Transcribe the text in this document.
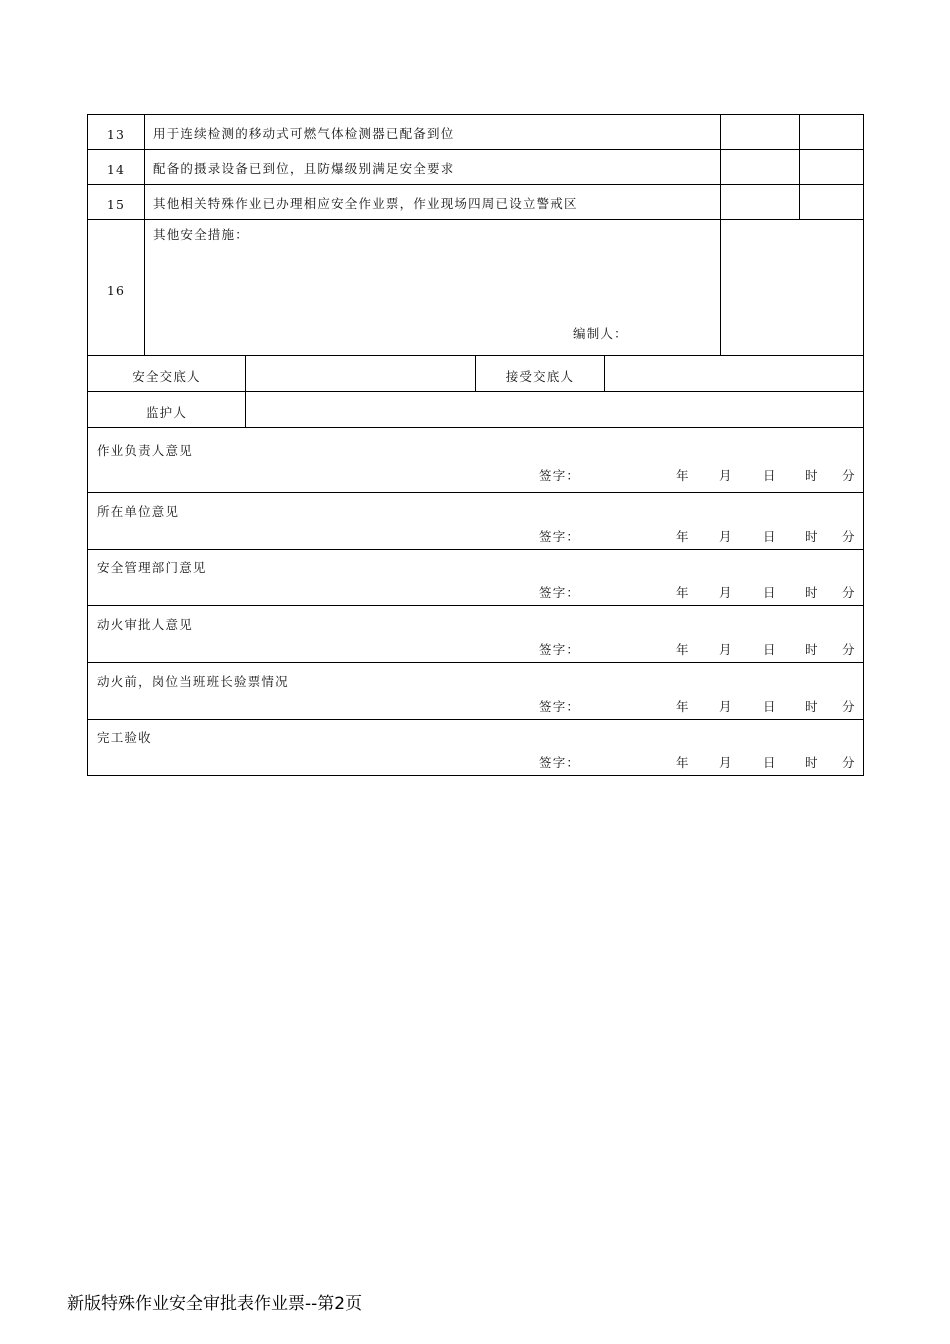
13	用于连续检测的移动式可燃气体检测器已配备到位
14	配备的摄录设备已到位，且防爆级别满足安全要求
15	其他相关特殊作业已办理相应安全作业票，作业现场四周已设立警戒区
16
其他安全措施：
编制人：
安全交底人	接受交底人
监护人
作业负责人意见
签字：	年 月 日 时 分
所在单位意见
签字：	年 月 日 时 分
安全管理部门意见
签字：	年 月 日 时 分
动火审批人意见
签字：	年 月 日 时 分
动火前，岗位当班班长验票情况
签字：	年 月 日 时 分
完工验收
签字：	年 月 日 时 分
新版特殊作业安全审批表作业票--第2页
